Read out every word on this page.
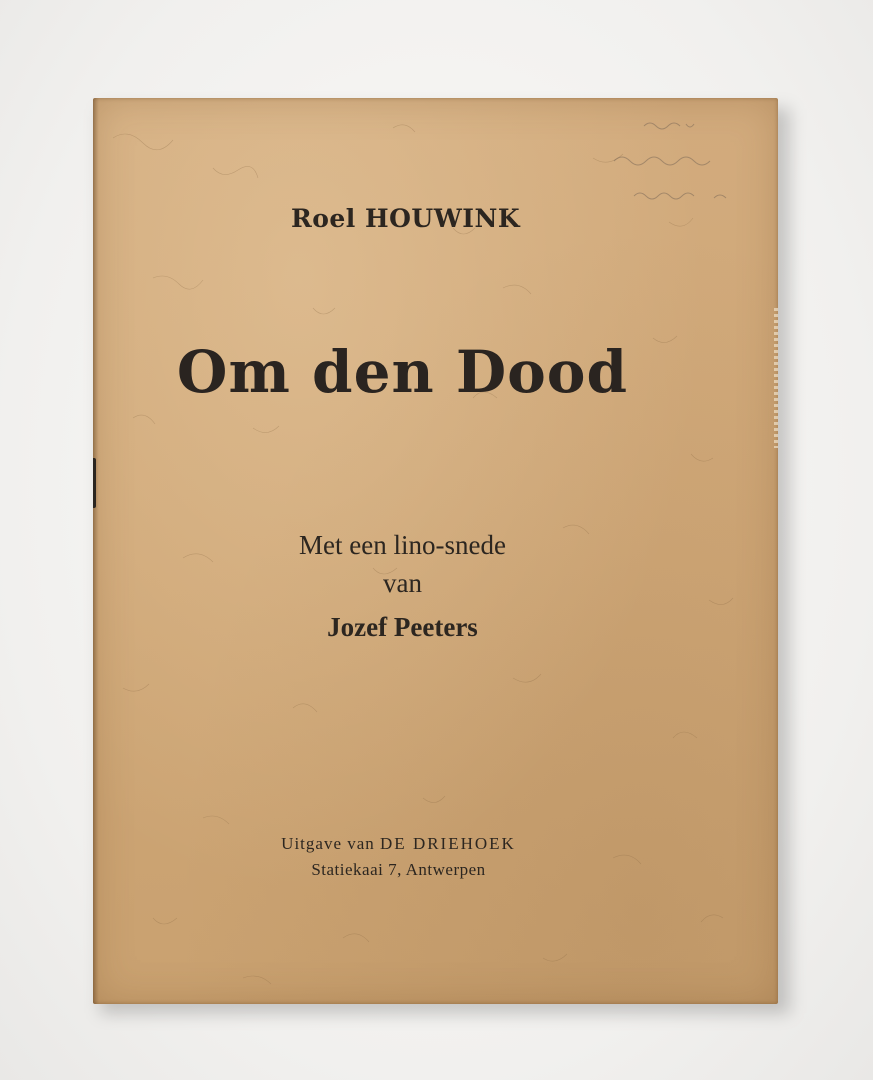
Roel HOUWINK
Om den Dood
Met een lino-snede
van
Jozef Peeters
Uitgave van DE DRIEHOEK
Statiekaai 7, Antwerpen
